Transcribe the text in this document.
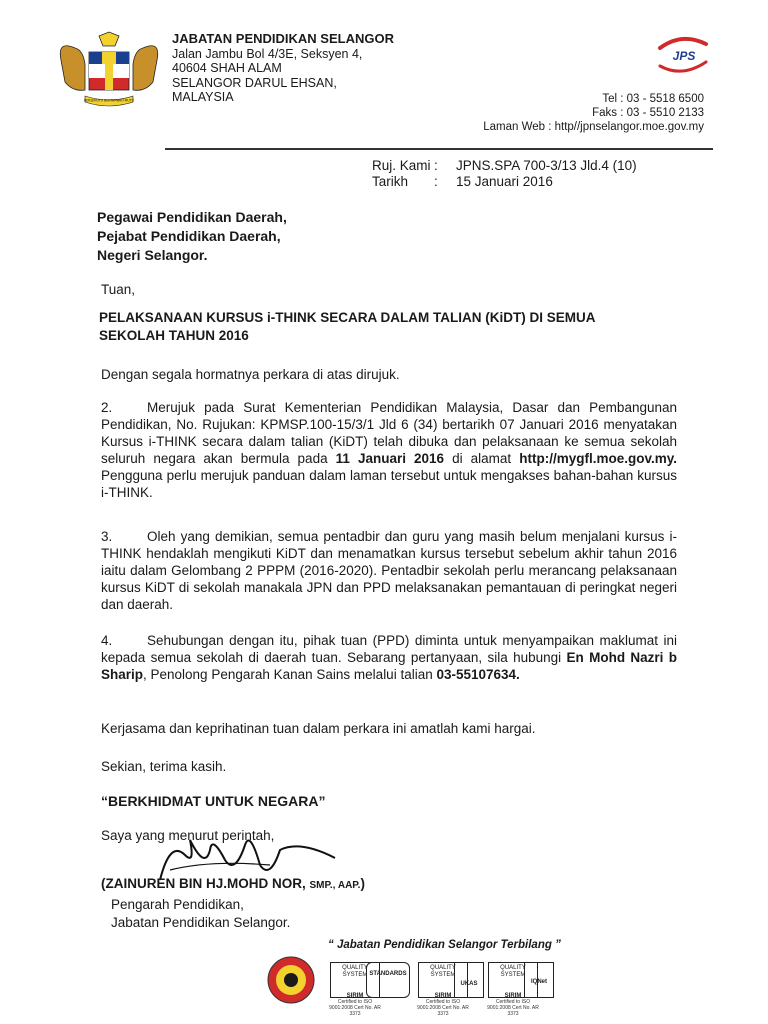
BERSEKUTU BERTAMBAH MUTU
JABATAN PENDIDIKAN SELANGOR
Jalan Jambu Bol 4/3E, Seksyen 4,
40604 SHAH ALAM
SELANGOR DARUL EHSAN,
MALAYSIA
JPS
Tel : 03 - 5518 6500
Faks : 03 - 5510 2133
Laman Web : http//jpnselangor.moe.gov.my
Ruj. Kami :	JPNS.SPA 700-3/13 Jld.4 (10)
Tarikh	:	15 Januari 2016
Pegawai Pendidikan Daerah,
Pejabat Pendidikan Daerah,
Negeri Selangor.
Tuan,
PELAKSANAAN KURSUS i-THINK SECARA DALAM TALIAN (KiDT) DI SEMUA
SEKOLAH TAHUN 2016
Dengan segala hormatnya perkara di atas dirujuk.
2.	Merujuk pada Surat Kementerian Pendidikan Malaysia, Dasar dan Pembangunan Pendidikan, No. Rujukan: KPMSP.100-15/3/1 Jld 6 (34) bertarikh 07 Januari 2016 menyatakan Kursus i-THINK secara dalam talian (KiDT) telah dibuka dan pelaksanaan ke semua sekolah seluruh negara akan bermula pada 11 Januari 2016 di alamat http://mygfl.moe.gov.my. Pengguna perlu merujuk panduan dalam laman tersebut untuk mengakses bahan-bahan kursus i-THINK.
3.	Oleh yang demikian, semua pentadbir dan guru yang masih belum menjalani kursus i-THINK hendaklah mengikuti KiDT dan menamatkan kursus tersebut sebelum akhir tahun 2016 iaitu dalam Gelombang 2 PPPM (2016-2020). Pentadbir sekolah perlu merancang pelaksanaan kursus KiDT di sekolah manakala JPN dan PPD melaksanakan pemantauan di peringkat negeri dan daerah.
4.	Sehubungan dengan itu, pihak tuan (PPD) diminta untuk menyampaikan maklumat ini kepada semua sekolah di daerah tuan. Sebarang pertanyaan, sila hubungi En Mohd Nazri b Sharip, Penolong Pengarah Kanan Sains melalui talian 03-55107634.
Kerjasama dan keprihatinan tuan dalam perkara ini amatlah kami hargai.
Sekian, terima kasih.
“BERKHIDMAT UNTUK NEGARA”
Saya yang menurut perintah,
(ZAINUREN BIN HJ.MOHD NOR, SMP., AAP.)
Pengarah Pendidikan,
Jabatan Pendidikan Selangor.
“ Jabatan Pendidikan Selangor Terbilang ”
QUALITY SYSTEM
SIRIM
Certified to ISO 9001:2008 Cert No. AR 3373
STANDARDS
QUALITY SYSTEM
SIRIM
Certified to ISO 9001:2008 Cert No. AR 3373
UKAS
QUALITY SYSTEM
SIRIM
Certified to ISO 9001:2008 Cert No. AR 3373
IQNet
